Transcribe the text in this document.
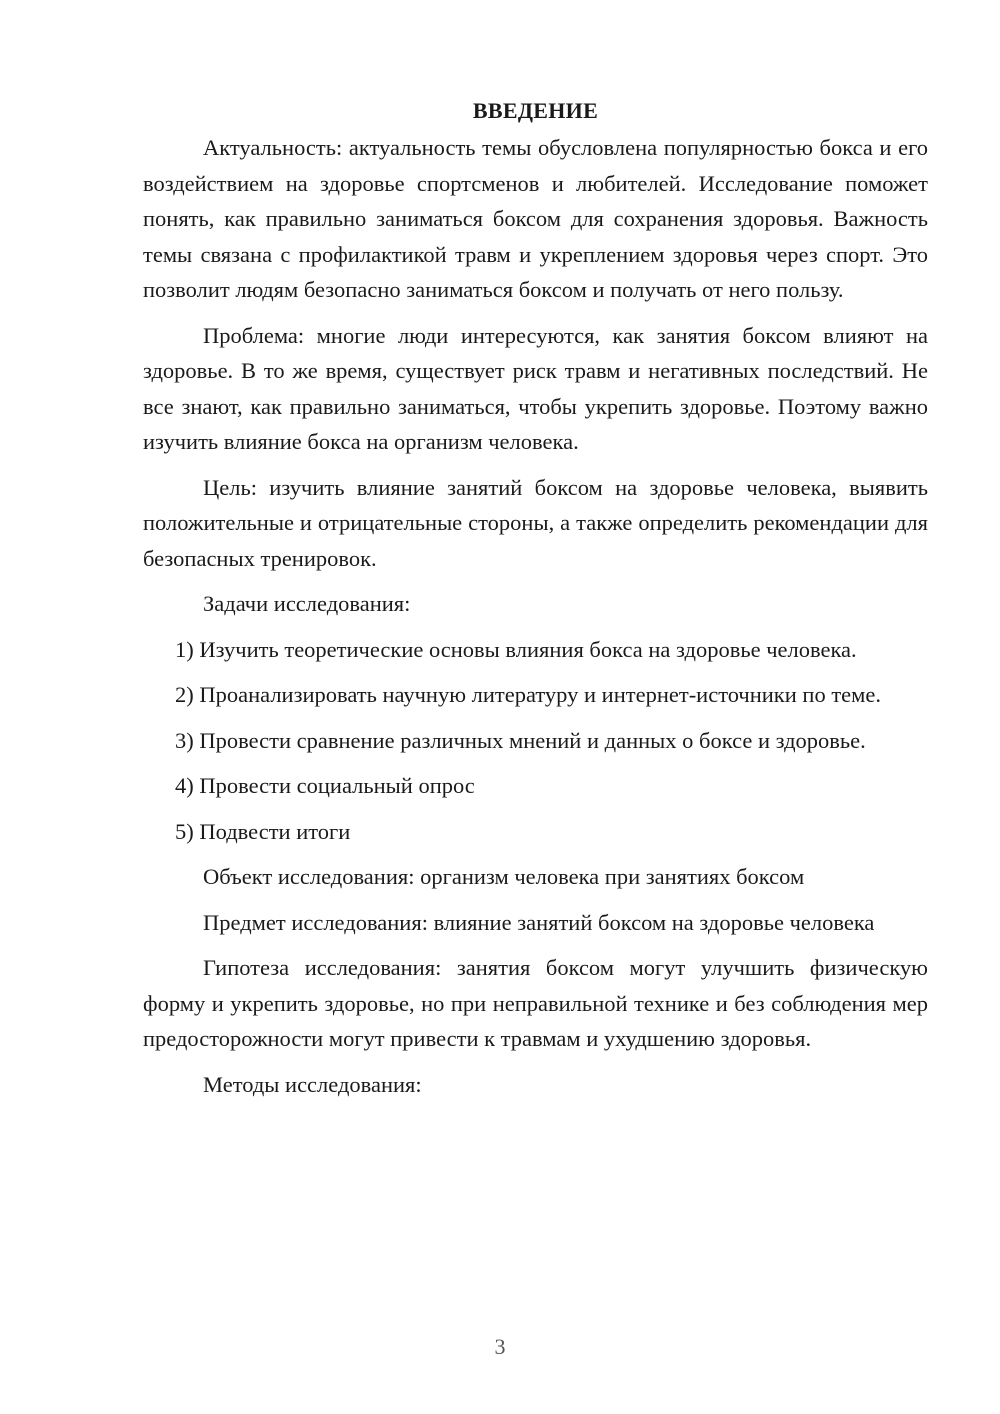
ВВЕДЕНИЕ

Актуальность: актуальность темы обусловлена популярностью бокса и его воздействием на здоровье спортсменов и любителей. Исследование поможет понять, как правильно заниматься боксом для сохранения здоровья. Важность темы связана с профилактикой травм и укреплением здоровья через спорт. Это позволит людям безопасно заниматься боксом и получать от него пользу.

Проблема: многие люди интересуются, как занятия боксом влияют на здоровье. В то же время, существует риск травм и негативных последствий. Не все знают, как правильно заниматься, чтобы укрепить здоровье. Поэтому важно изучить влияние бокса на организм человека.

Цель: изучить влияние занятий боксом на здоровье человека, выявить положительные и отрицательные стороны, а также определить рекомендации для безопасных тренировок.

Задачи исследования:

1) Изучить теоретические основы влияния бокса на здоровье человека.

2) Проанализировать научную литературу и интернет-источники по теме.

3) Провести сравнение различных мнений и данных о боксе и здоровье.

4) Провести социальный опрос

5) Подвести итоги

Объект исследования: организм человека при занятиях боксом

Предмет исследования: влияние занятий боксом на здоровье человека

Гипотеза исследования: занятия боксом могут улучшить физическую форму и укрепить здоровье, но при неправильной технике и без соблюдения мер предосторожности могут привести к травмам и ухудшению здоровья.

Методы исследования:

3
